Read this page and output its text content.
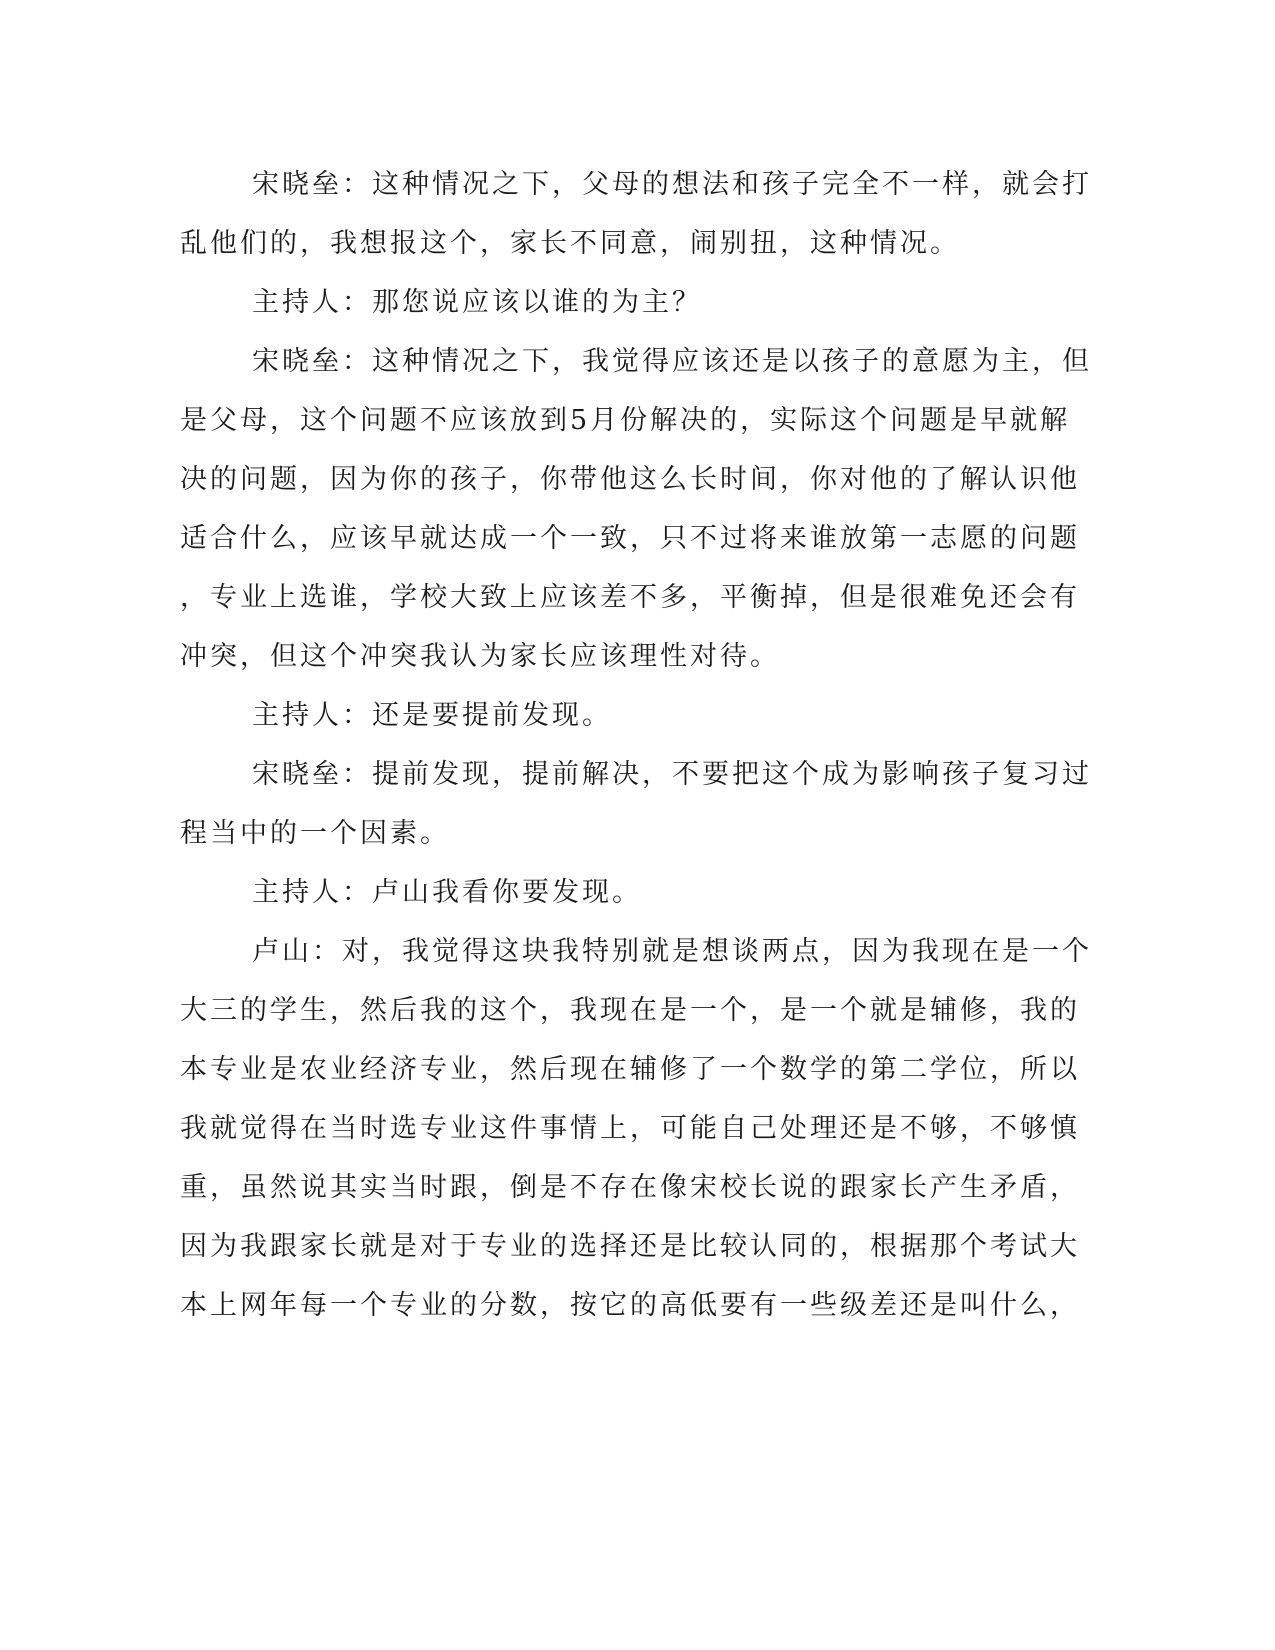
宋晓垒：这种情况之下，父母的想法和孩子完全不一样，就会打
乱他们的，我想报这个，家长不同意，闹别扭，这种情况。
主持人：那您说应该以谁的为主？
宋晓垒：这种情况之下，我觉得应该还是以孩子的意愿为主，但
是父母，这个问题不应该放到5月份解决的，实际这个问题是早就解
决的问题，因为你的孩子，你带他这么长时间，你对他的了解认识他
适合什么，应该早就达成一个一致，只不过将来谁放第一志愿的问题
，专业上选谁，学校大致上应该差不多，平衡掉，但是很难免还会有
冲突，但这个冲突我认为家长应该理性对待。
主持人：还是要提前发现。
宋晓垒：提前发现，提前解决，不要把这个成为影响孩子复习过
程当中的一个因素。
主持人：卢山我看你要发现。
卢山：对，我觉得这块我特别就是想谈两点，因为我现在是一个
大三的学生，然后我的这个，我现在是一个，是一个就是辅修，我的
本专业是农业经济专业，然后现在辅修了一个数学的第二学位，所以
我就觉得在当时选专业这件事情上，可能自己处理还是不够，不够慎
重，虽然说其实当时跟，倒是不存在像宋校长说的跟家长产生矛盾，
因为我跟家长就是对于专业的选择还是比较认同的，根据那个考试大
本上网年每一个专业的分数，按它的高低要有一些级差还是叫什么，
